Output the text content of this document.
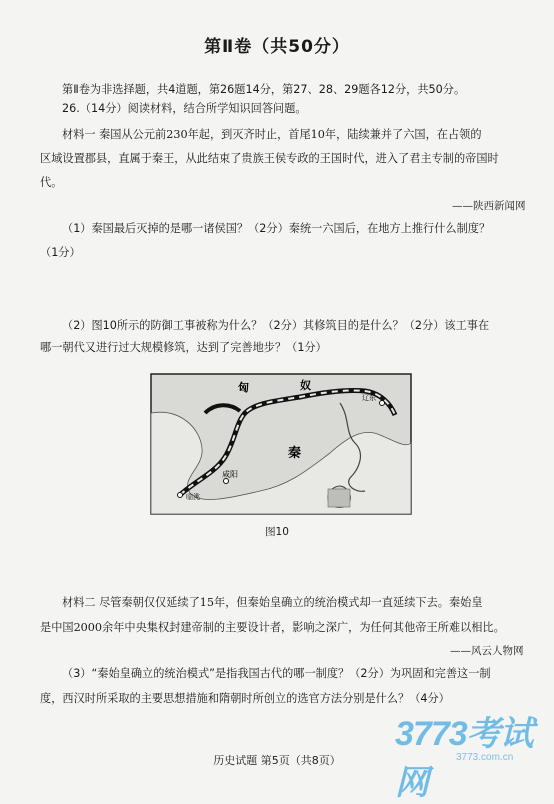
第Ⅱ卷（共50分）
第Ⅱ卷为非选择题，共4道题，第26题14分，第27、28、29题各12分，共50分。
26.（14分）阅读材料，结合所学知识回答问题。
材料一 秦国从公元前230年起，到灭齐时止，首尾10年，陆续兼并了六国，在占领的
区域设置郡县，直属于秦王，从此结束了贵族王侯专政的王国时代，进入了君主专制的帝国时
代。
——陕西新闻网
（1）秦国最后灭掉的是哪一诸侯国？（2分）秦统一六国后，在地方上推行什么制度？
（1分）
（2）图10所示的防御工事被称为什么？（2分）其修筑目的是什么？（2分）该工事在
哪一朝代又进行过大规模修筑，达到了完善地步？（1分）
匈	奴
辽东
秦
咸阳
临洮
图10
材料二 尽管秦朝仅仅延续了15年，但秦始皇确立的统治模式却一直延续下去。秦始皇
是中国2000余年中央集权封建帝制的主要设计者，影响之深广，为任何其他帝王所难以相比。
——风云人物网
（3）“秦始皇确立的统治模式”是指我国古代的哪一制度？（2分）为巩固和完善这一制
度，西汉时所采取的主要思想措施和隋朝时所创立的选官方法分别是什么？（4分）
历史试题 第5页（共8页）
3773考试网
3773.com.cn
